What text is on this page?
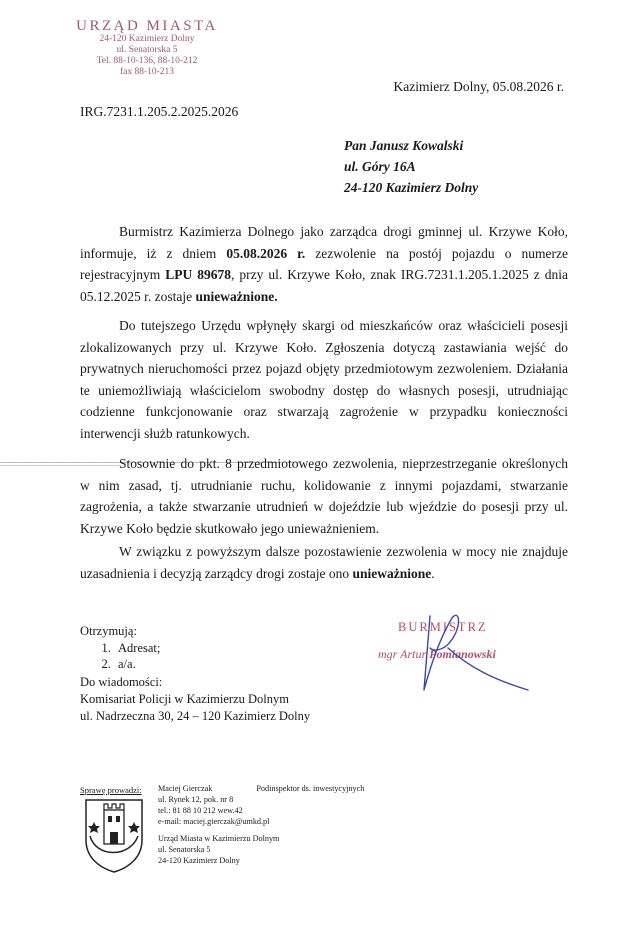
URZĄD MIASTA
24-120 Kazimierz Dolny
ul. Senatorska 5
Tel. 88-10-136, 88-10-212
fax 88-10-213
Kazimierz Dolny, 05.08.2026 r.
IRG.7231.1.205.2.2025.2026
Pan Janusz Kowalski
ul. Góry 16A
24-120 Kazimierz Dolny

Burmistrz Kazimierza Dolnego jako zarządca drogi gminnej ul. Krzywe Koło, informuje, iż z dniem 05.08.2026 r. zezwolenie na postój pojazdu o numerze rejestracyjnym LPU 89678, przy ul. Krzywe Koło, znak IRG.7231.1.205.1.2025 z dnia 05.12.2025 r. zostaje unieważnione.

Do tutejszego Urzędu wpłynęły skargi od mieszkańców oraz właścicieli posesji zlokalizowanych przy ul. Krzywe Koło. Zgłoszenia dotyczą zastawiania wejść do prywatnych nieruchomości przez pojazd objęty przedmiotowym zezwoleniem. Działania te uniemożliwiają właścicielom swobodny dostęp do własnych posesji, utrudniając codzienne funkcjonowanie oraz stwarzają zagrożenie w przypadku konieczności interwencji służb ratunkowych.

Stosownie do pkt. 8 przedmiotowego zezwolenia, nieprzestrzeganie określonych w nim zasad, tj. utrudnianie ruchu, kolidowanie z innymi pojazdami, stwarzanie zagrożenia, a także stwarzanie utrudnień w dojeździe lub wjeździe do posesji przy ul. Krzywe Koło będzie skutkowało jego unieważnieniem.

W związku z powyższym dalsze pozostawienie zezwolenia w mocy nie znajduje uzasadnienia i decyzją zarządcy drogi zostaje ono unieważnione.

Otrzymują:
1. Adresat;
2. a/a.
Do wiadomości:
Komisariat Policji w Kazimierzu Dolnym
ul. Nadrzeczna 30, 24 – 120 Kazimierz Dolny
BURMISTRZ
mgr Artur Pomianowski
Sprawę prowadzi: Maciej Gierczak	Podinspektor ds. inwestycyjnych
ul. Rynek 12, pok. nr 8
tel.: 81 88 10 212 wew.42
e-mail: maciej.gierczak@umkd.pl
Urząd Miasta w Kazimierzu Dolnym
ul. Senatorska 5
24-120 Kazimierz Dolny
